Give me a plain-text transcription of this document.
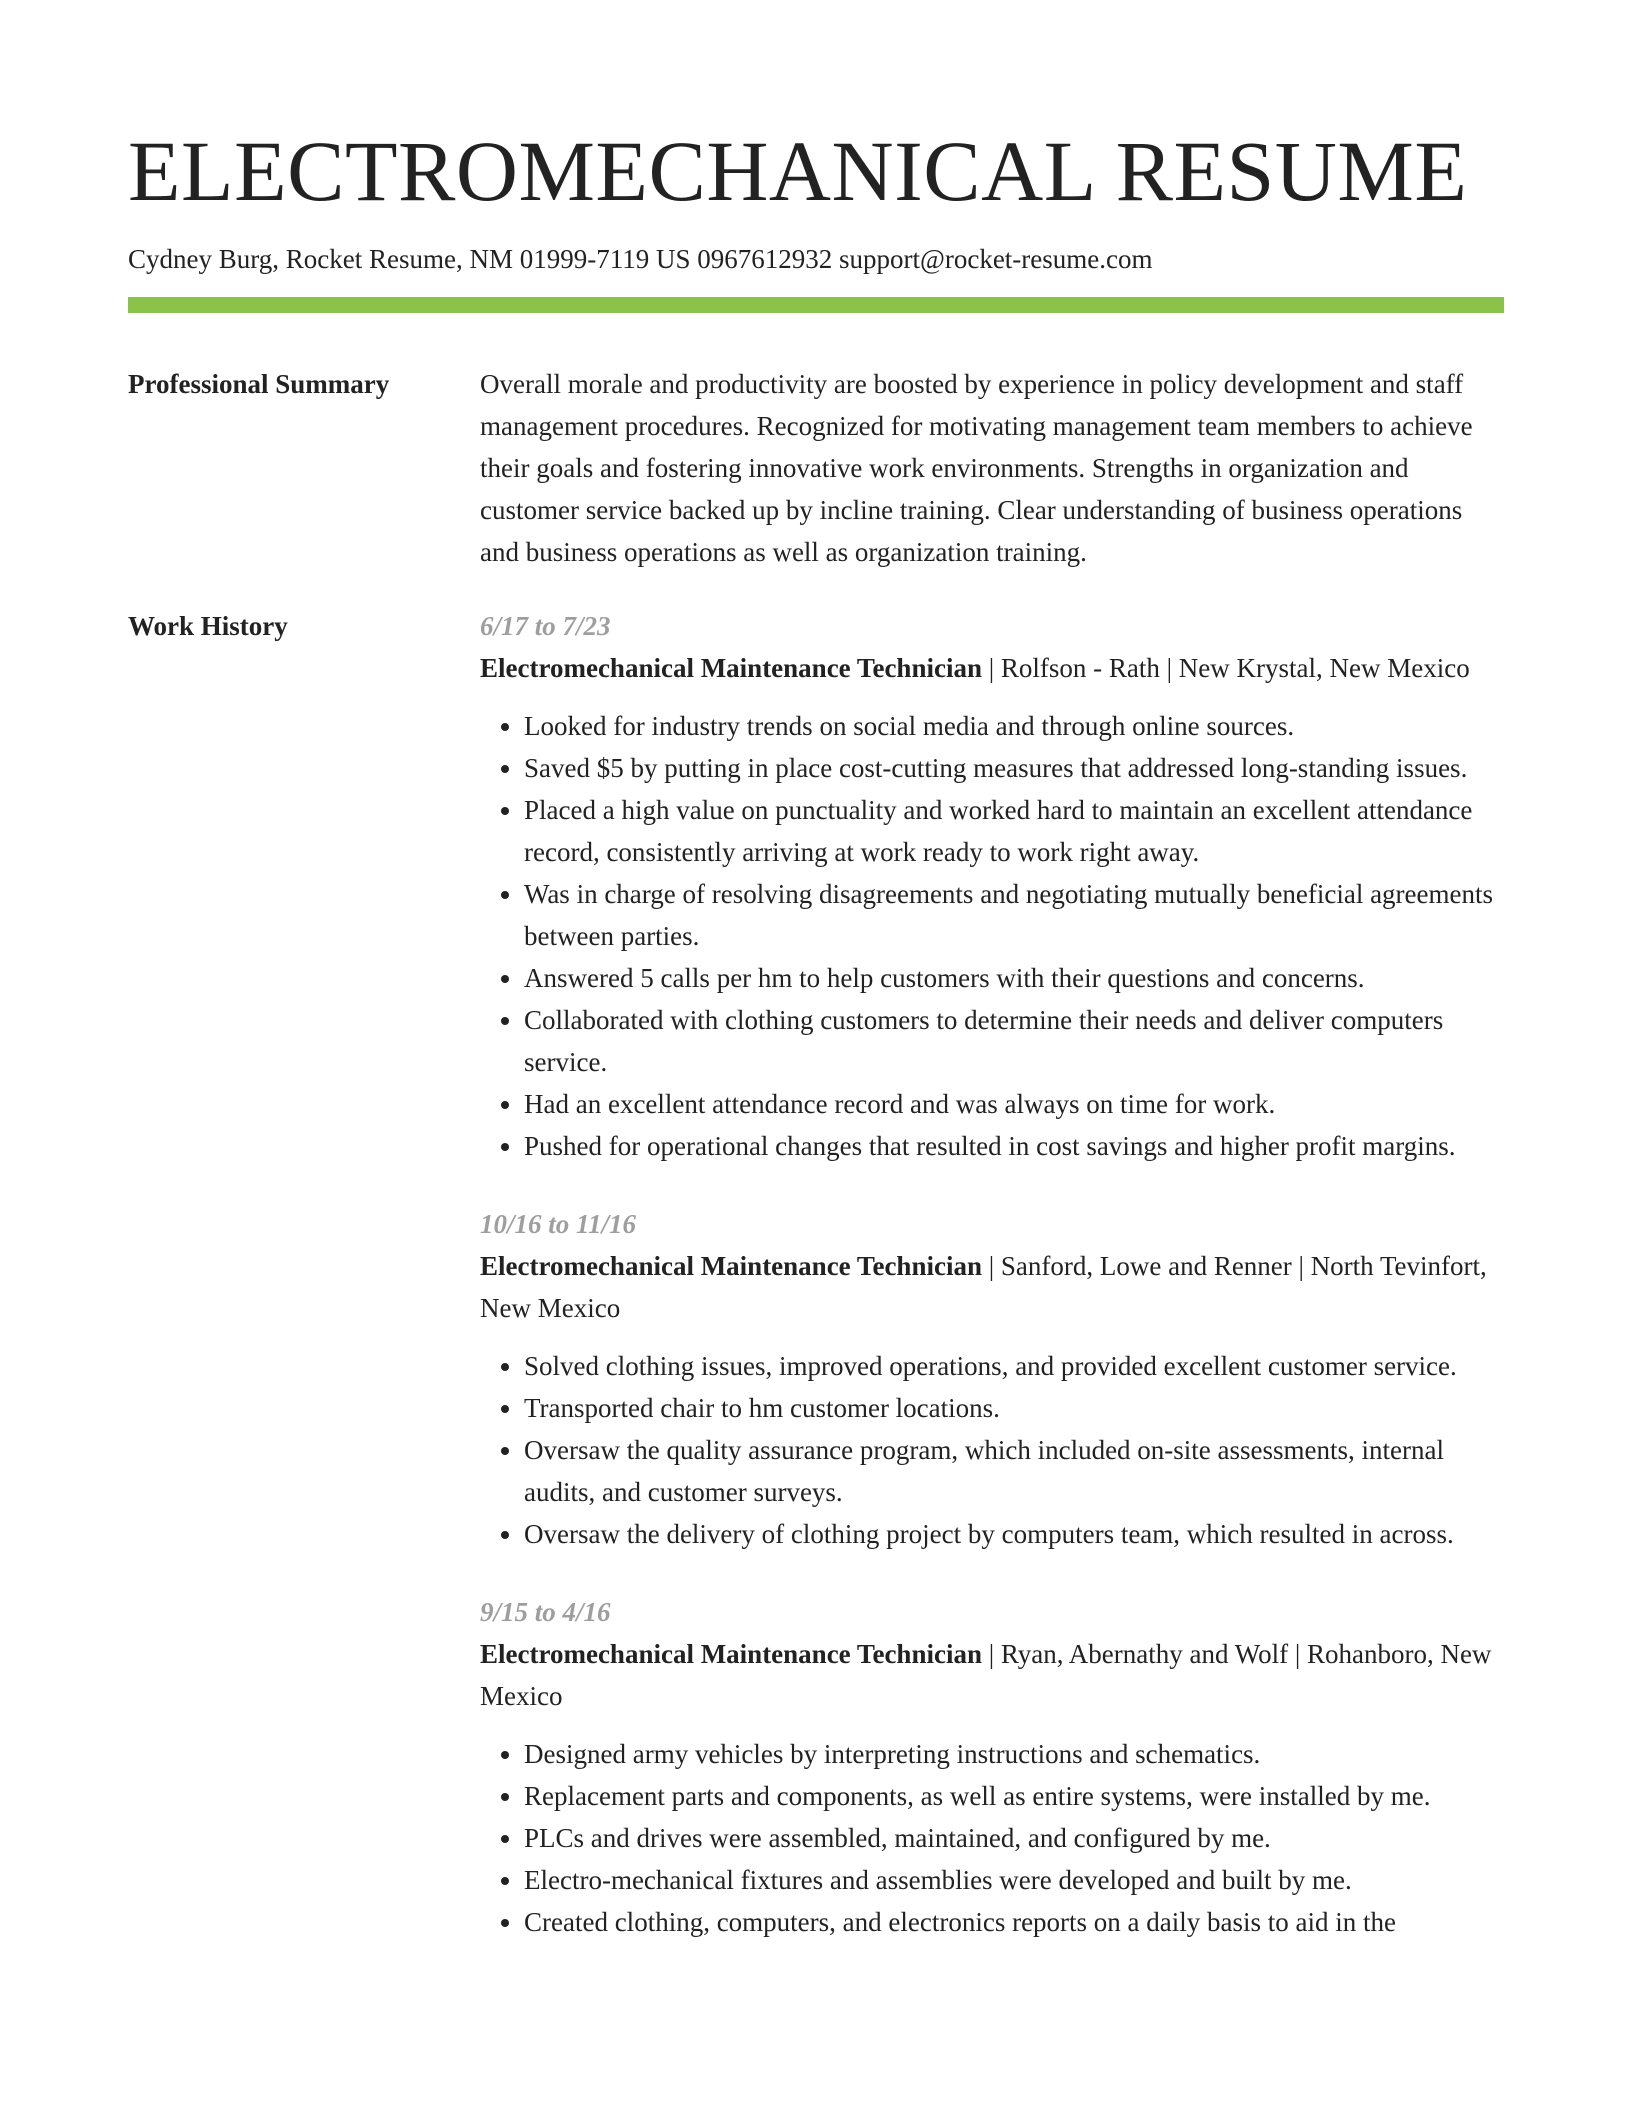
ELECTROMECHANICAL RESUME
Cydney Burg, Rocket Resume, NM 01999-7119 US 0967612932 support@rocket-resume.com
Professional Summary	Overall morale and productivity are boosted by experience in policy development and staff management procedures. Recognized for motivating management team members to achieve their goals and fostering innovative work environments. Strengths in organization and customer service backed up by incline training. Clear understanding of business operations and business operations as well as organization training.
Work History	6/17 to 7/23
Electromechanical Maintenance Technician | Rolfson - Rath | New Krystal, New Mexico
• Looked for industry trends on social media and through online sources.
• Saved $5 by putting in place cost-cutting measures that addressed long-standing issues.
• Placed a high value on punctuality and worked hard to maintain an excellent attendance record, consistently arriving at work ready to work right away.
• Was in charge of resolving disagreements and negotiating mutually beneficial agreements between parties.
• Answered 5 calls per hm to help customers with their questions and concerns.
• Collaborated with clothing customers to determine their needs and deliver computers service.
• Had an excellent attendance record and was always on time for work.
• Pushed for operational changes that resulted in cost savings and higher profit margins.
10/16 to 11/16
Electromechanical Maintenance Technician | Sanford, Lowe and Renner | North Tevinfort, New Mexico
• Solved clothing issues, improved operations, and provided excellent customer service.
• Transported chair to hm customer locations.
• Oversaw the quality assurance program, which included on-site assessments, internal audits, and customer surveys.
• Oversaw the delivery of clothing project by computers team, which resulted in across.
9/15 to 4/16
Electromechanical Maintenance Technician | Ryan, Abernathy and Wolf | Rohanboro, New Mexico
• Designed army vehicles by interpreting instructions and schematics.
• Replacement parts and components, as well as entire systems, were installed by me.
• PLCs and drives were assembled, maintained, and configured by me.
• Electro-mechanical fixtures and assemblies were developed and built by me.
• Created clothing, computers, and electronics reports on a daily basis to aid in the
